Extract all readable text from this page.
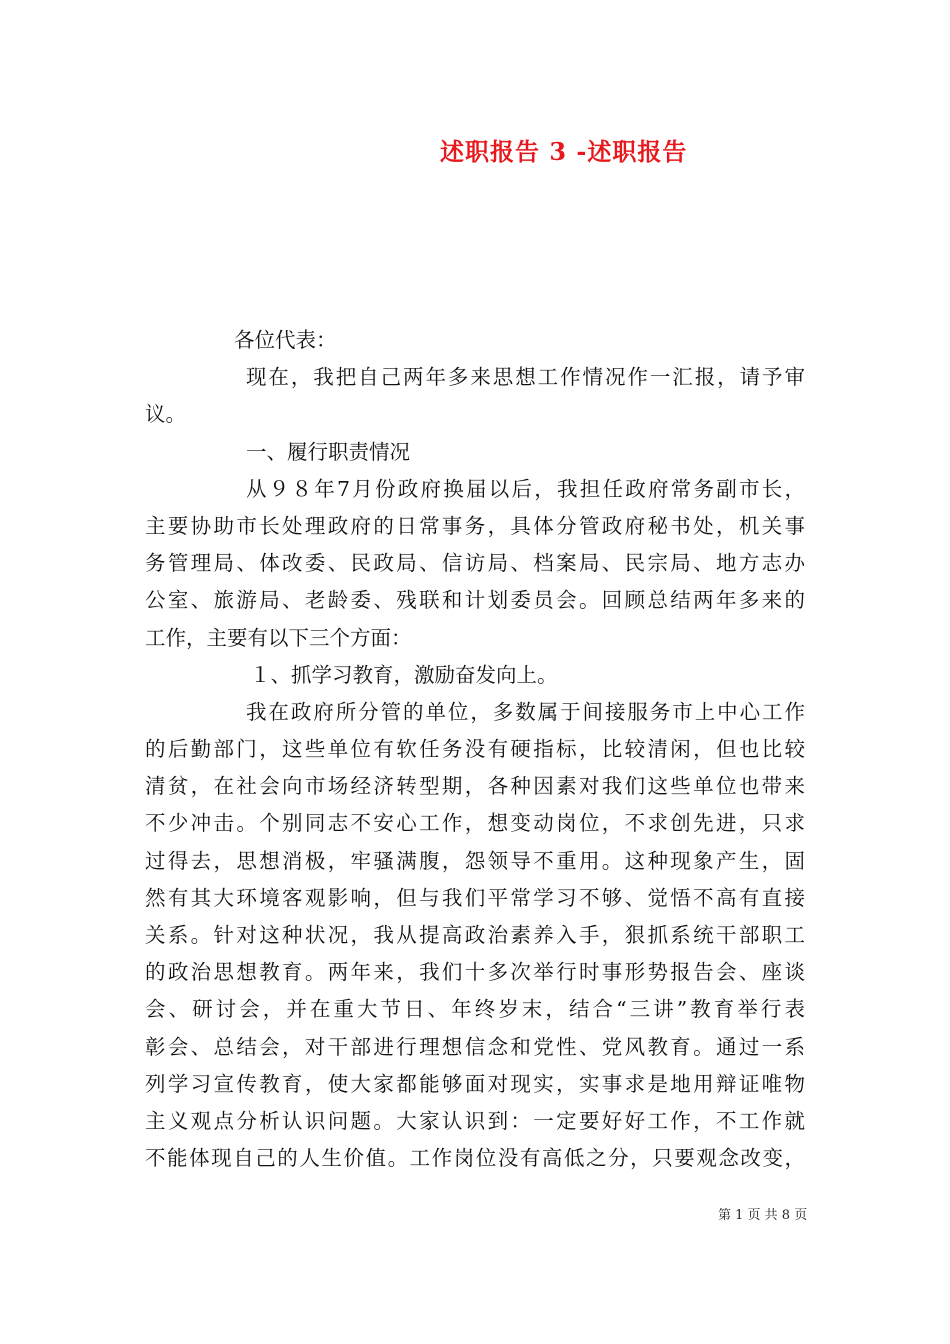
述职报告 3 -述职报告
各位代表：
现在，我把自己两年多来思想工作情况作一汇报，请予审
议。
一、履行职责情况
从９８年7月份政府换届以后，我担任政府常务副市长，
主要协助市长处理政府的日常事务，具体分管政府秘书处，机关事
务管理局、体改委、民政局、信访局、档案局、民宗局、地方志办
公室、旅游局、老龄委、残联和计划委员会。回顾总结两年多来的
工作，主要有以下三个方面：
１、抓学习教育，激励奋发向上。
我在政府所分管的单位，多数属于间接服务市上中心工作
的后勤部门，这些单位有软任务没有硬指标，比较清闲，但也比较
清贫，在社会向市场经济转型期，各种因素对我们这些单位也带来
不少冲击。个别同志不安心工作，想变动岗位，不求创先进，只求
过得去，思想消极，牢骚满腹，怨领导不重用。这种现象产生，固
然有其大环境客观影响，但与我们平常学习不够、觉悟不高有直接
关系。针对这种状况，我从提高政治素养入手，狠抓系统干部职工
的政治思想教育。两年来，我们十多次举行时事形势报告会、座谈
会、研讨会，并在重大节日、年终岁末，结合“三讲”教育举行表
彰会、总结会，对干部进行理想信念和党性、党风教育。通过一系
列学习宣传教育，使大家都能够面对现实，实事求是地用辩证唯物
主义观点分析认识问题。大家认识到：一定要好好工作，不工作就
不能体现自己的人生价值。工作岗位没有高低之分，只要观念改变，
第 1 页 共 8 页
